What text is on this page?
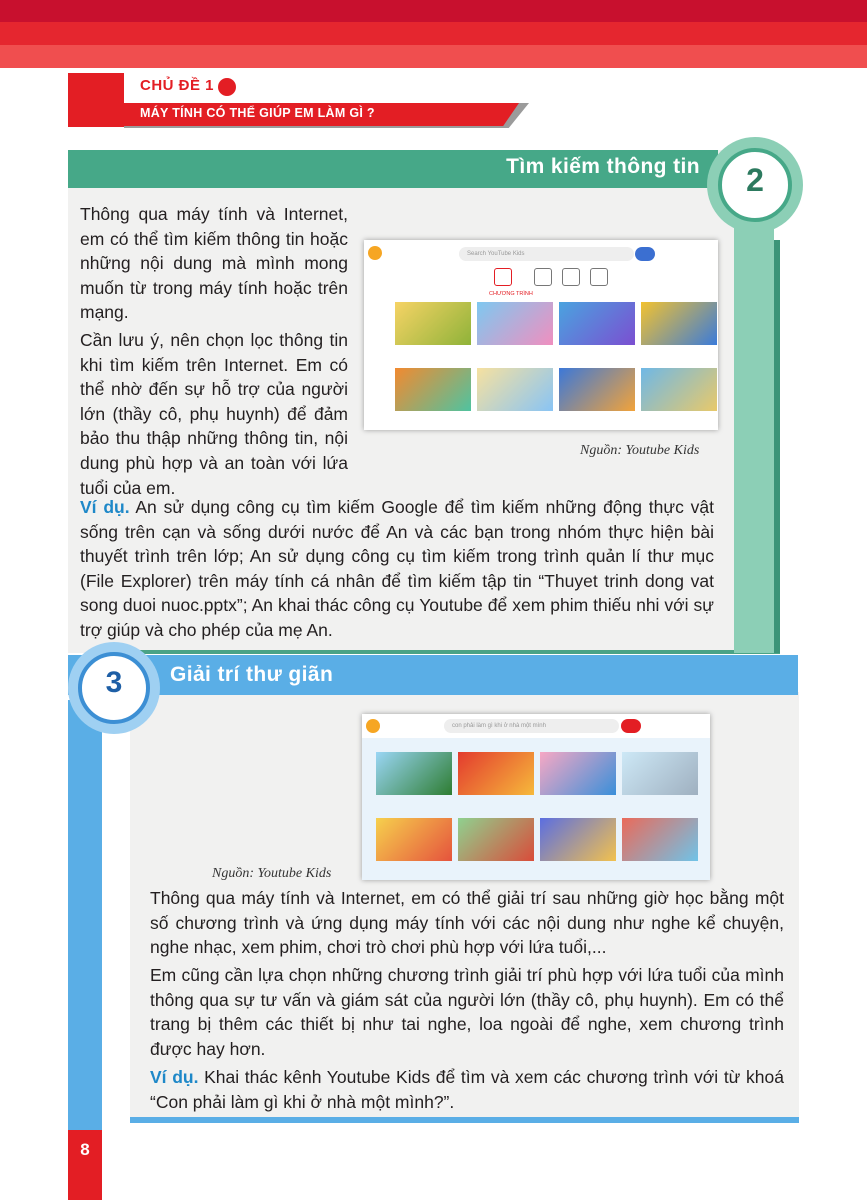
CHỦ ĐỀ 1
MÁY TÍNH CÓ THỂ GIÚP EM LÀM GÌ ?
Tìm kiếm thông tin	2

Thông qua máy tính và Internet, em có thể tìm kiếm thông tin hoặc những nội dung mà mình mong muốn từ trong máy tính hoặc trên mạng.

Cần lưu ý, nên chọn lọc thông tin khi tìm kiếm trên Internet. Em có thể nhờ đến sự hỗ trợ của người lớn (thầy cô, phụ huynh) để đảm bảo thu thập những thông tin, nội dung phù hợp và an toàn với lứa tuổi của em.

Search YouTube Kids
CHƯƠNG TRÌNH
Nguồn: Youtube Kids

Ví dụ. An sử dụng công cụ tìm kiếm Google để tìm kiếm những động thực vật sống trên cạn và sống dưới nước để An và các bạn trong nhóm thực hiện bài thuyết trình trên lớp; An sử dụng công cụ tìm kiếm trong trình quản lí thư mục (File Explorer) trên máy tính cá nhân để tìm kiếm tập tin “Thuyet trinh dong vat song duoi nuoc.pptx”; An khai thác công cụ Youtube để xem phim thiếu nhi với sự trợ giúp và cho phép của mẹ An.

Giải trí thư giãn
3
con phải làm gì khi ở nhà một mình
Nguồn: Youtube Kids

Thông qua máy tính và Internet, em có thể giải trí sau những giờ học bằng một số chương trình và ứng dụng máy tính với các nội dung như nghe kể chuyện, nghe nhạc, xem phim, chơi trò chơi phù hợp với lứa tuổi,...

Em cũng cần lựa chọn những chương trình giải trí phù hợp với lứa tuổi của mình thông qua sự tư vấn và giám sát của người lớn (thầy cô, phụ huynh). Em có thể trang bị thêm các thiết bị như tai nghe, loa ngoài để nghe, xem chương trình được hay hơn.

Ví dụ. Khai thác kênh Youtube Kids để tìm và xem các chương trình với từ khoá “Con phải làm gì khi ở nhà một mình?”.

8
